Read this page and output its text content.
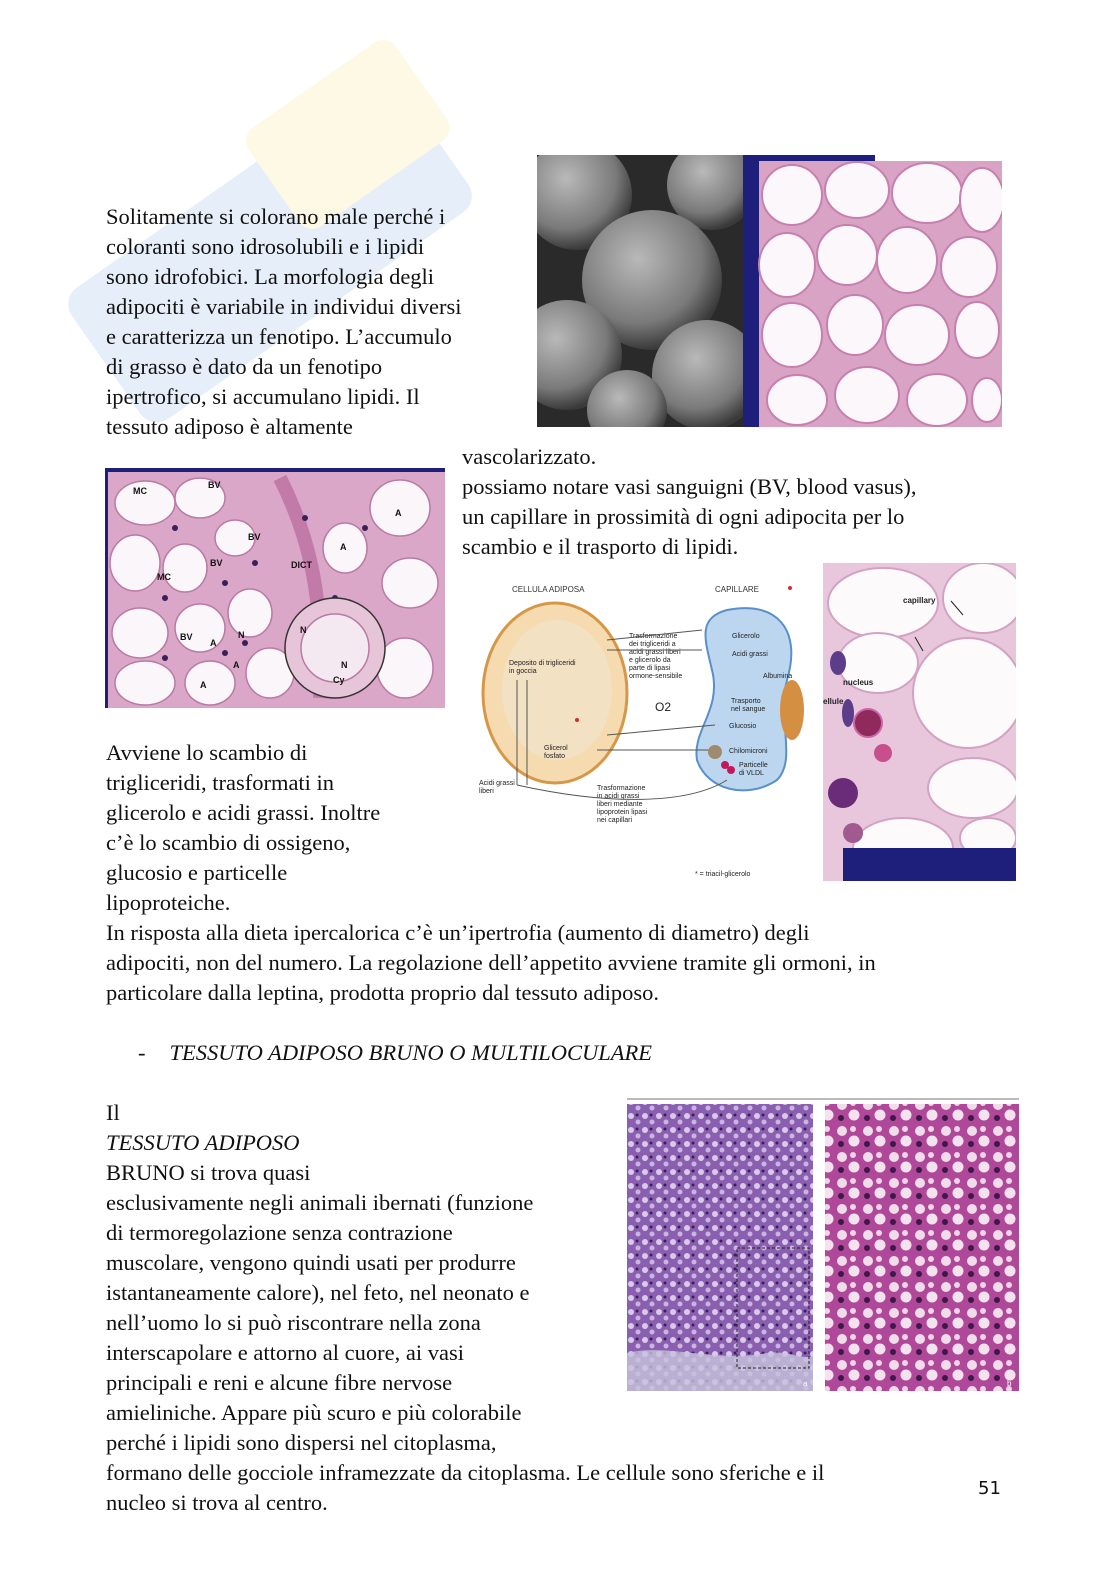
Solitamente si colorano male perché i
coloranti sono idrosolubili e i lipidi
sono idrofobici. La morfologia degli
adipociti è variabile in individui diversi
e caratterizza un fenotipo. L’accumulo
di grasso è dato da un fenotipo
ipertrofico, si accumulano lipidi. Il
tessuto adiposo è altamente
vascolarizzato.
possiamo notare vasi sanguigni (BV, blood vasus),
un capillare in prossimità di ogni adipocita per lo
scambio e il trasporto di lipidi.
MC
BV
BV
A
A
BV	DICT
MC
BV
A
N	N
A
A
N
Cy
CELLULA ADIPOSA	CAPILLARE
Deposito di trigliceridi
in goccia
Trasformazione
dei trigliceridi a
acidi grassi liberi
e glicerolo da
parte di lipasi
ormone-sensibile
Glicerolo
Acidi grassi
Albumina
Trasporto
nel sangue
Glucosio
Chilomicroni
Particelle
di VLDL
Glicerol
fosfato
Acidi grassi
liberi	Trasformazione
in acidi grassi
liberi mediante
lipoprotein lipasi
nei capillari
* = triacil-glicerolo
O2
capillary
nucleus
ellule
Avviene lo scambio di
trigliceridi, trasformati in
glicerolo e acidi grassi. Inoltre
c’è lo scambio di ossigeno,
glucosio e particelle
lipoproteiche.
In risposta alla dieta ipercalorica c’è un’ipertrofia (aumento di diametro) degli
adipociti, non del numero. La regolazione dell’appetito avviene tramite gli ormoni, in
particolare dalla leptina, prodotta proprio dal tessuto adiposo.
- TESSUTO ADIPOSO BRUNO O MULTILOCULARE
a	b
Il
TESSUTO ADIPOSO
BRUNO si trova quasi
esclusivamente negli animali ibernati (funzione
di termoregolazione senza contrazione
muscolare, vengono quindi usati per produrre
istantaneamente calore), nel feto, nel neonato e
nell’uomo lo si può riscontrare nella zona
interscapolare e attorno al cuore, ai vasi
principali e reni e alcune fibre nervose
amieliniche. Appare più scuro e più colorabile
perché i lipidi sono dispersi nel citoplasma,
formano delle gocciole inframezzate da citoplasma. Le cellule sono sferiche e il
nucleo si trova al centro.
51
